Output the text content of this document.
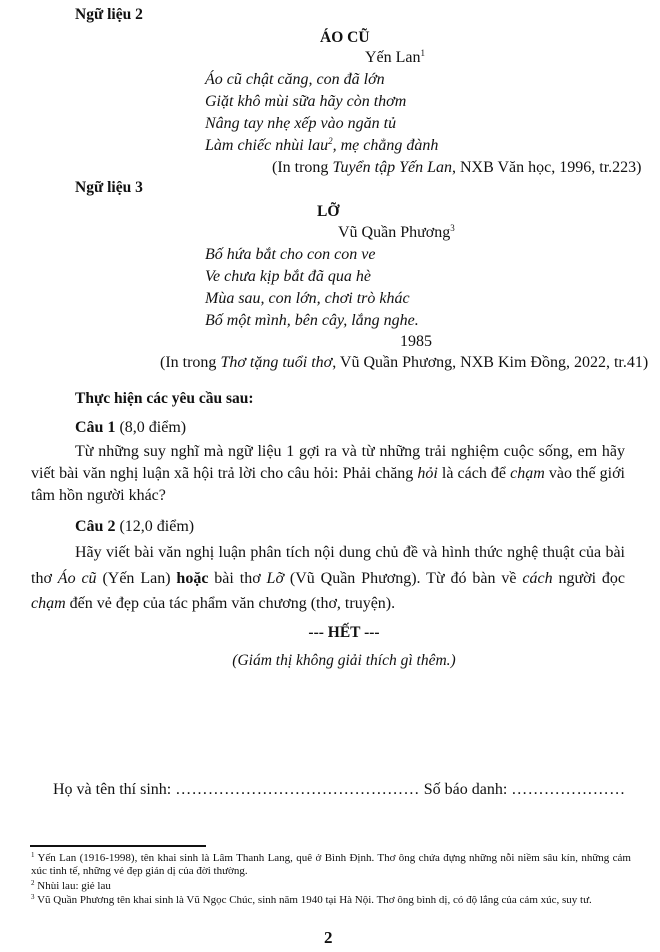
Ngữ liệu 2
ÁO CŨ
Yến Lan$^1$
Áo cũ chật căng, con đã lớn
Giặt khô mùi sữa hãy còn thơm
Nâng tay nhẹ xếp vào ngăn tủ
Làm chiếc nhùi lau$^2$, mẹ chẳng đành
(In trong Tuyển tập Yến Lan, NXB Văn học, 1996, tr.223)
Ngữ liệu 3
LỠ
Vũ Quần Phương$^3$
Bố hứa bắt cho con con ve
Ve chưa kịp bắt đã qua hè
Mùa sau, con lớn, chơi trò khác
Bố một mình, bên cây, lắng nghe.
1985
(In trong Thơ tặng tuổi thơ, Vũ Quần Phương, NXB Kim Đồng, 2022, tr.41)
Thực hiện các yêu cầu sau:
Câu 1 (8,0 điểm)
Từ những suy nghĩ mà ngữ liệu 1 gợi ra và từ những trải nghiệm cuộc sống, em hãy viết bài văn nghị luận xã hội trả lời cho câu hỏi: Phải chăng hỏi là cách để chạm vào thế giới tâm hồn người khác?
Câu 2 (12,0 điểm)
Hãy viết bài văn nghị luận phân tích nội dung chủ đề và hình thức nghệ thuật của bài thơ Áo cũ (Yến Lan) hoặc bài thơ Lỡ (Vũ Quần Phương). Từ đó bàn về cách người đọc chạm đến vẻ đẹp của tác phẩm văn chương (thơ, truyện).
--- HẾT ---
(Giám thị không giải thích gì thêm.)
Họ và tên thí sinh: ……………………………………… Số báo danh: …………………
$^1$ Yến Lan (1916-1998), tên khai sinh là Lâm Thanh Lang, quê ở Bình Định. Thơ ông chứa đựng những nỗi niềm sâu kín, những cảm xúc tinh tế, những vẻ đẹp giản dị của đời thường.
$^2$ Nhùi lau: giẻ lau
$^3$ Vũ Quần Phương tên khai sinh là Vũ Ngọc Chúc, sinh năm 1940 tại Hà Nội. Thơ ông bình dị, có độ lắng của cảm xúc, suy tư.
2
